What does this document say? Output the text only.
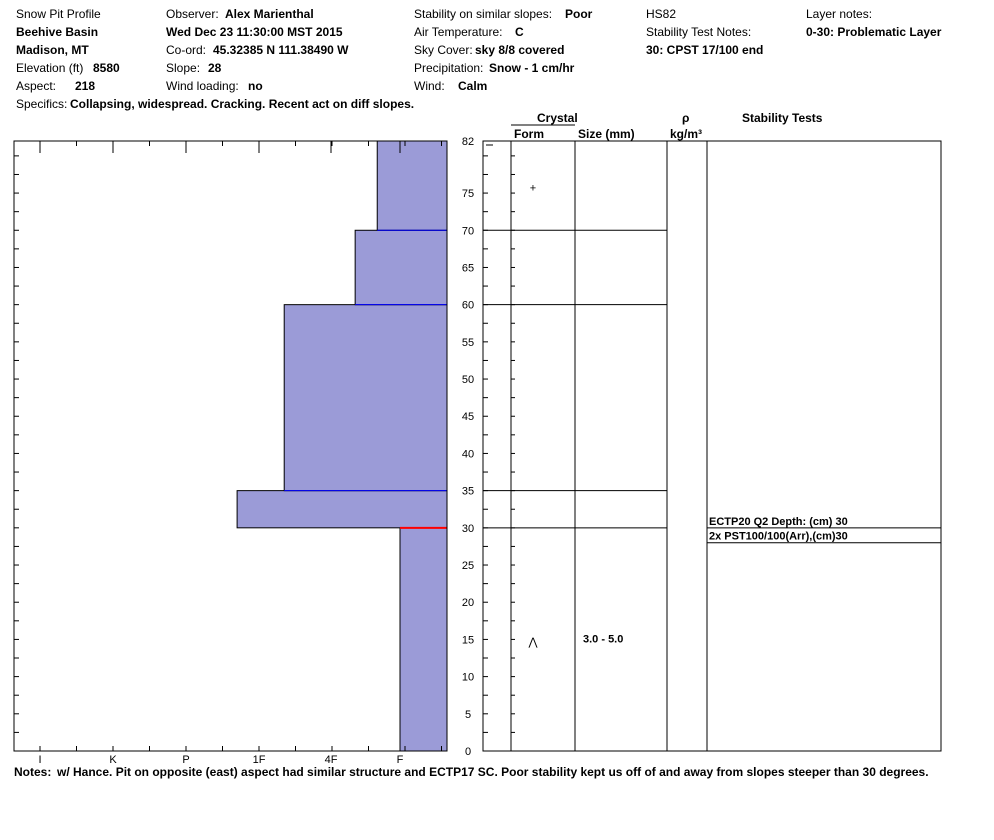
Snow Pit Profile
Beehive Basin
Madison, MT
Elevation (ft) 8580
Aspect: 218
Specifics: Collapsing, widespread. Cracking. Recent act on diff slopes.
Observer: Alex Marienthal
Wed Dec 23 11:30:00 MST 2015
Co-ord: 45.32385 N 111.38490 W
Slope: 28
Wind loading: no
Stability on similar slopes: Poor
Air Temperature: C
Sky Cover: sky 8/8 covered
Precipitation: Snow - 1 cm/hr
Wind: Calm
HS82
Stability Test Notes:
30: CPST 17/100 end
Layer notes:
0-30: Problematic Layer
Crystal
Form	Size (mm)
ρ
kg/m³
Stability Tests
I	K	P	1F	4F	F
0
5
10
15
20
25
30
35
40
45
50
55
60
65
70
75
82
+
⋀	3.0 - 5.0
ECTP20 Q2 Depth: (cm) 30
2x PST100/100(Arr),(cm)30
Notes: w/ Hance. Pit on opposite (east) aspect had similar structure and ECTP17 SC. Poor stability kept us off of and away from slopes steeper than 30 degrees.
